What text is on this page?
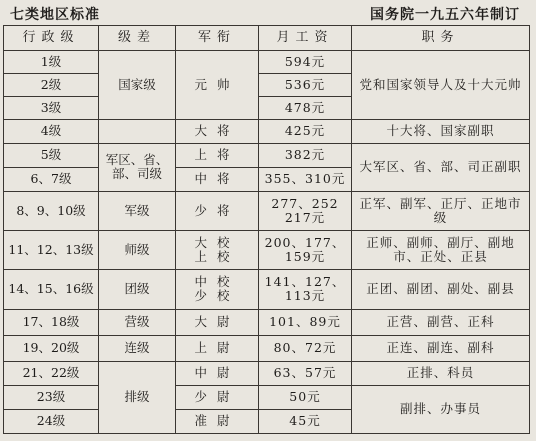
七类地区标准	国务院一九五六年制订
行政级	级差	军衔	月工资	职务
1级	国家级	元帅	594元	党和国家领导人及十大元帅
2级			536元	
3级			478元	
4级		大将	425元	十大将、国家副职
5级	军区、省、部、司级	上将	382元	大军区、省、部、司正副职
6、7级		中将	355、310元	
8、9、10级	军级	少将	277、252 217元	正军、副军、正厅、正地市级
11、12、13级	师级	大校 上校	200、177、159元	正师、副师、副厅、副地市、正处、正县
14、15、16级	团级	中校 少校	141、127、113元	正团、副团、副处、副县
17、18级	营级	大尉	101、89元	正营、副营、正科
19、20级	连级	上尉	80、72元	正连、副连、副科
21、22级	排级	中尉	63、57元	正排、科员
23级		少尉	50元	副排、办事员
24级		准尉	45元	
